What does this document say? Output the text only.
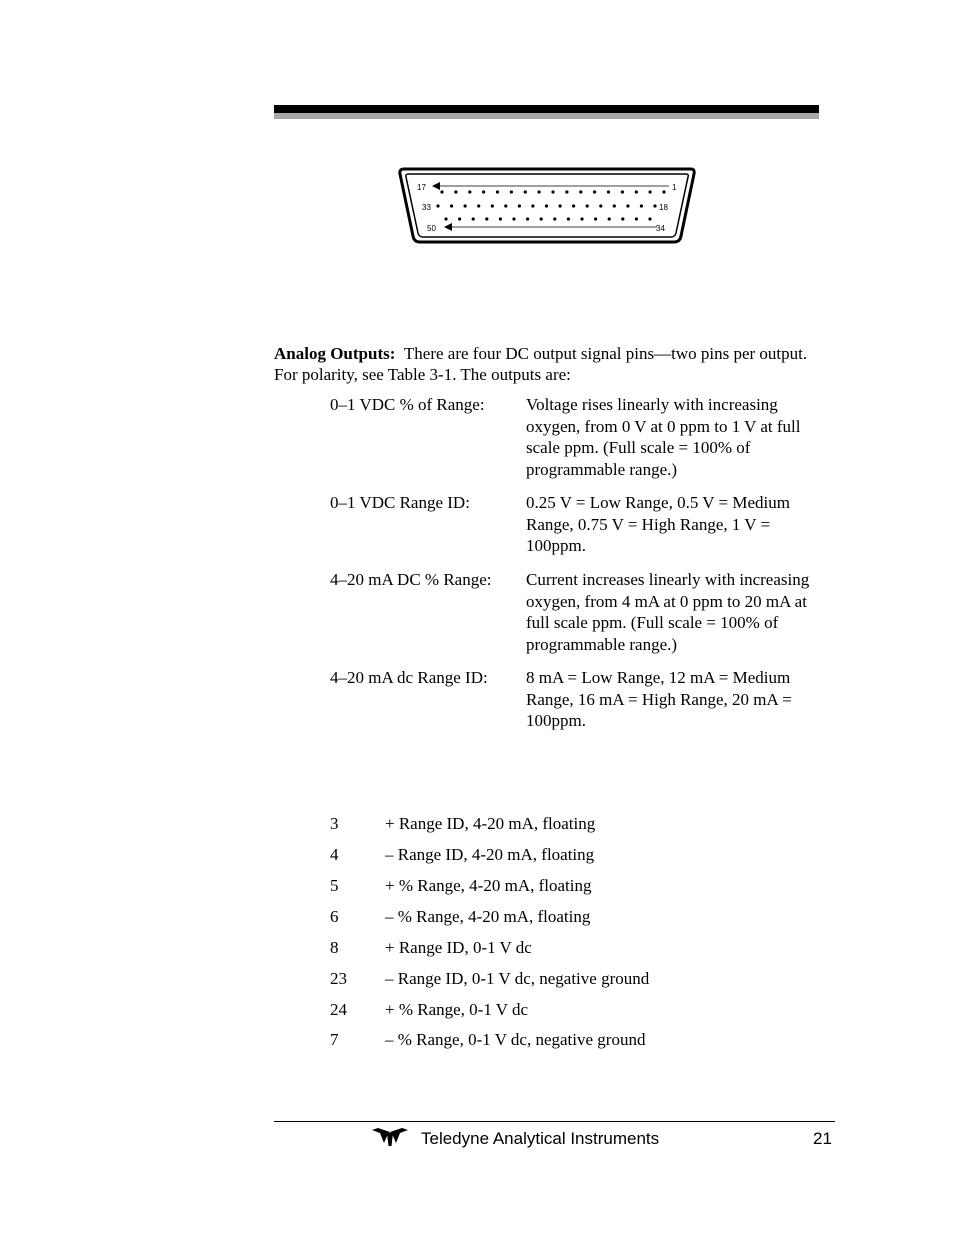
17	1
33	18
50	34
Analog Outputs: There are four DC output signal pins—two pins per output. For polarity, see Table 3-1. The outputs are:
0–1 VDC % of Range:	Voltage rises linearly with increasing oxygen, from 0 V at 0 ppm to 1 V at full scale ppm. (Full scale = 100% of programmable range.)
0–1 VDC Range ID:	0.25 V = Low Range, 0.5 V = Medium Range, 0.75 V = High Range, 1 V = 100ppm.
4–20 mA DC % Range:	Current increases linearly with increasing oxygen, from 4 mA at 0 ppm to 20 mA at full scale ppm. (Full scale = 100% of programmable range.)
4–20 mA dc Range ID:	8 mA = Low Range, 12 mA = Medium Range, 16 mA = High Range, 20 mA = 100ppm.
3	+ Range ID, 4-20 mA, floating
4	– Range ID, 4-20 mA, floating
5	+ % Range, 4-20 mA, floating
6	– % Range, 4-20 mA, floating
8	+ Range ID, 0-1 V dc
23 – Range ID, 0-1 V dc, negative ground
24 + % Range, 0-1 V dc
7	– % Range, 0-1 V dc, negative ground
Teledyne Analytical Instruments	21
